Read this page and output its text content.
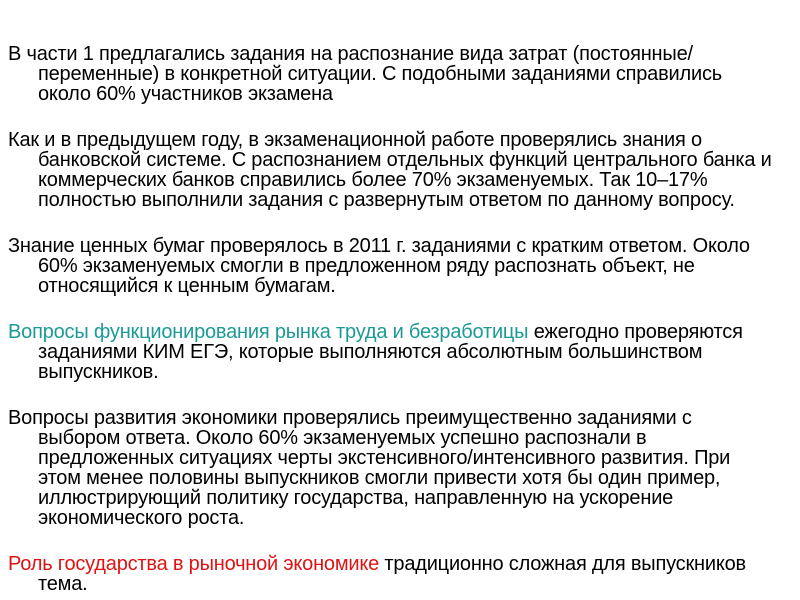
В части 1 предлагались задания на распознание вида затрат (постоянные/переменные) в конкретной ситуации. С подобными заданиями справились около 60% участников экзамена
Как и в предыдущем году, в экзаменационной работе проверялись знания о банковской системе. С распознанием отдельных функций центрального банка и коммерческих банков справились более 70% экзаменуемых. Так 10–17% полностью выполнили задания с развернутым ответом по данному вопросу.
Знание ценных бумаг проверялось в 2011 г. заданиями с кратким ответом. Около 60% экзаменуемых смогли в предложенном ряду распознать объект, не относящийся к ценным бумагам.
Вопросы функционирования рынка труда и безработицы ежегодно проверяются заданиями КИМ ЕГЭ, которые выполняются абсолютным большинством выпускников.
Вопросы развития экономики проверялись преимущественно заданиями с выбором ответа. Около 60% экзаменуемых успешно распознали в предложенных ситуациях черты экстенсивного/интенсивного развития. При этом менее половины выпускников смогли привести хотя бы один пример, иллюстрирующий политику государства, направленную на ускорение экономического роста.
Роль государства в рыночной экономике традиционно сложная для выпускников тема.
